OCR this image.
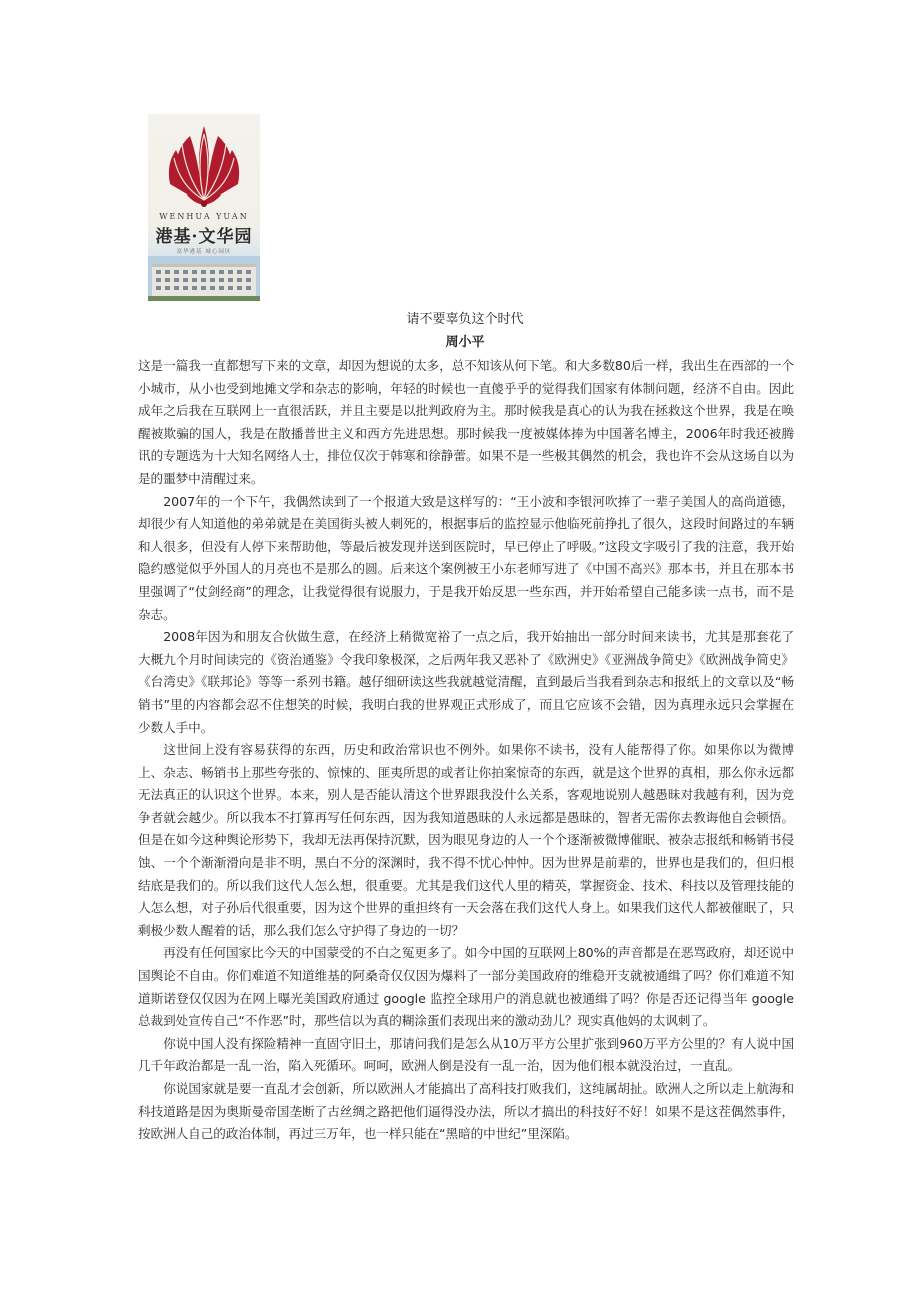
WENHUA YUAN
港基·文华园
富华港基 城心园区
请不要辜负这个时代
周小平

这是一篇我一直都想写下来的文章，却因为想说的太多，总不知该从何下笔。和大多数80后一样，我出生在西部的一个小城市，从小也受到地摊文学和杂志的影响，年轻的时候也一直傻乎乎的觉得我们国家有体制问题，经济不自由。因此成年之后我在互联网上一直很活跃，并且主要是以批判政府为主。那时候我是真心的认为我在拯救这个世界，我是在唤醒被欺骗的国人，我是在散播普世主义和西方先进思想。那时候我一度被媒体捧为中国著名博主，2006年时我还被腾讯的专题选为十大知名网络人士，排位仅次于韩寒和徐静蕾。如果不是一些极其偶然的机会，我也许不会从这场自以为是的噩梦中清醒过来。

2007年的一个下午，我偶然读到了一个报道大致是这样写的：“王小波和李银河吹捧了一辈子美国人的高尚道德，却很少有人知道他的弟弟就是在美国街头被人刺死的，根据事后的监控显示他临死前挣扎了很久，这段时间路过的车辆和人很多，但没有人停下来帮助他，等最后被发现并送到医院时，早已停止了呼吸。”这段文字吸引了我的注意，我开始隐约感觉似乎外国人的月亮也不是那么的圆。后来这个案例被王小东老师写进了《中国不高兴》那本书，并且在那本书里强调了“仗剑经商”的理念，让我觉得很有说服力，于是我开始反思一些东西，并开始希望自己能多读一点书，而不是杂志。

2008年因为和朋友合伙做生意，在经济上稍微宽裕了一点之后，我开始抽出一部分时间来读书，尤其是那套花了大概九个月时间读完的《资治通鉴》令我印象极深，之后两年我又恶补了《欧洲史》《亚洲战争简史》《欧洲战争简史》《台湾史》《联邦论》等等一系列书籍。越仔细研读这些我就越觉清醒，直到最后当我看到杂志和报纸上的文章以及“畅销书”里的内容都会忍不住想笑的时候，我明白我的世界观正式形成了，而且它应该不会错，因为真理永远只会掌握在少数人手中。

这世间上没有容易获得的东西，历史和政治常识也不例外。如果你不读书，没有人能帮得了你。如果你以为微博上、杂志、畅销书上那些夸张的、惊悚的、匪夷所思的或者让你拍案惊奇的东西，就是这个世界的真相，那么你永远都无法真正的认识这个世界。本来，别人是否能认清这个世界跟我没什么关系，客观地说别人越愚昧对我越有利，因为竞争者就会越少。所以我本不打算再写任何东西，因为我知道愚昧的人永远都是愚昧的，智者无需你去教诲他自会顿悟。但是在如今这种舆论形势下，我却无法再保持沉默，因为眼见身边的人一个个逐渐被微博催眠、被杂志报纸和畅销书侵蚀、一个个渐渐滑向是非不明，黑白不分的深渊时，我不得不忧心忡忡。因为世界是前辈的，世界也是我们的，但归根结底是我们的。所以我们这代人怎么想，很重要。尤其是我们这代人里的精英，掌握资金、技术、科技以及管理技能的人怎么想，对子孙后代很重要，因为这个世界的重担终有一天会落在我们这代人身上。如果我们这代人都被催眠了，只剩极少数人醒着的话，那么我们怎么守护得了身边的一切？

再没有任何国家比今天的中国蒙受的不白之冤更多了。如今中国的互联网上80%的声音都是在恶骂政府，却还说中国舆论不自由。你们难道不知道维基的阿桑奇仅仅因为爆料了一部分美国政府的维稳开支就被通缉了吗？你们难道不知道斯诺登仅仅因为在网上曝光美国政府通过 google 监控全球用户的消息就也被通缉了吗？你是否还记得当年 google 总裁到处宣传自己“不作恶”时，那些信以为真的糊涂蛋们表现出来的激动劲儿？现实真他妈的太讽刺了。

你说中国人没有探险精神一直固守旧土，那请问我们是怎么从10万平方公里扩张到960万平方公里的？有人说中国几千年政治都是一乱一治，陷入死循环。呵呵，欧洲人倒是没有一乱一治，因为他们根本就没治过，一直乱。

你说国家就是要一直乱才会创新，所以欧洲人才能搞出了高科技打败我们，这纯属胡扯。欧洲人之所以走上航海和科技道路是因为奥斯曼帝国垄断了古丝绸之路把他们逼得没办法，所以才搞出的科技好不好！如果不是这茬偶然事件，按欧洲人自己的政治体制，再过三万年，也一样只能在“黑暗的中世纪”里深陷。
